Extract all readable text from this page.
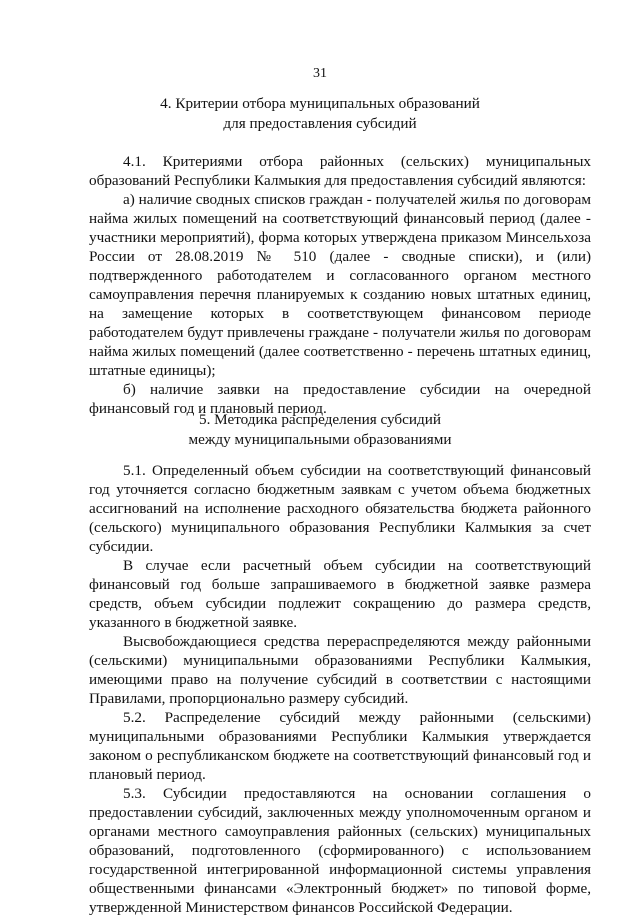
31
4. Критерии отбора муниципальных образований
для предоставления субсидий

4.1. Критериями отбора районных (сельских) муниципальных образований Республики Калмыкия для предоставления субсидий являются:

а) наличие сводных списков граждан - получателей жилья по договорам найма жилых помещений на соответствующий финансовый период (далее - участники мероприятий), форма которых утверждена приказом Минсельхоза России от 28.08.2019 № 510 (далее - сводные списки), и (или) подтвержденного работодателем и согласованного органом местного самоуправления перечня планируемых к созданию новых штатных единиц, на замещение которых в соответствующем финансовом периоде работодателем будут привлечены граждане - получатели жилья по договорам найма жилых помещений (далее соответственно - перечень штатных единиц, штатные единицы);

б) наличие заявки на предоставление субсидии на очередной финансовый год и плановый период.

5. Методика распределения субсидий
между муниципальными образованиями

5.1. Определенный объем субсидии на соответствующий финансовый год уточняется согласно бюджетным заявкам с учетом объема бюджетных ассигнований на исполнение расходного обязательства бюджета районного (сельского) муниципального образования Республики Калмыкия за счет субсидии.

В случае если расчетный объем субсидии на соответствующий финансовый год больше запрашиваемого в бюджетной заявке размера средств, объем субсидии подлежит сокращению до размера средств, указанного в бюджетной заявке.

Высвобождающиеся средства перераспределяются между районными (сельскими) муниципальными образованиями Республики Калмыкия, имеющими право на получение субсидий в соответствии с настоящими Правилами, пропорционально размеру субсидий.

5.2. Распределение субсидий между районными (сельскими) муниципальными образованиями Республики Калмыкия утверждается законом о республиканском бюджете на соответствующий финансовый год и плановый период.

5.3. Субсидии предоставляются на основании соглашения о предоставлении субсидий, заключенных между уполномоченным органом и органами местного самоуправления районных (сельских) муниципальных образований, подготовленного (сформированного) с использованием государственной интегрированной информационной системы управления общественными финансами «Электронный бюджет» по типовой форме, утвержденной Министерством финансов Российской Федерации.
